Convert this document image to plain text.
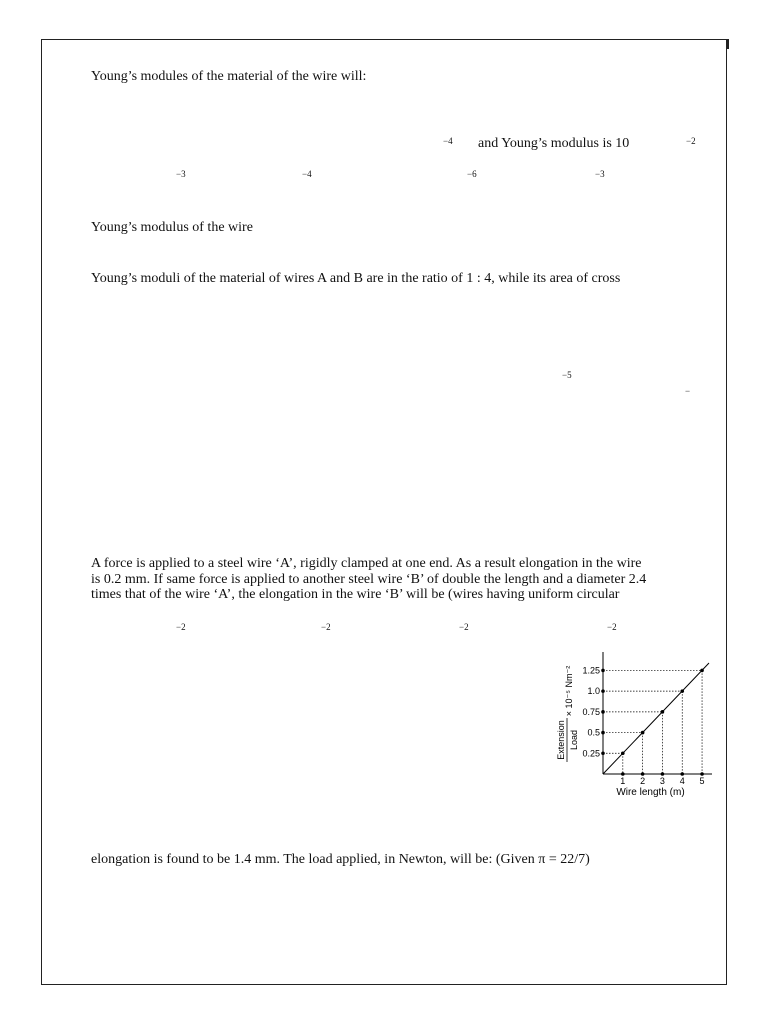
Young’s modules of the material of the wire will:
−4 and Young’s modulus is 10	−2
−3	−4	−6	−3
Young’s modulus of the wire
Young’s moduli of the material of wires A and B are in the ratio of 1 : 4, while its area of cross
−5
−
A force is applied to a steel wire ‘A’, rigidly clamped at one end. As a result elongation in the wire
is 0.2 mm. If same force is applied to another steel wire ‘B’ of double the length and a diameter 2.4
times that of the wire ‘A’, the elongation in the wire ‘B’ will be (wires having uniform circular
−2	−2	−2	−2
1 2 3 4 5
0.25
0.5
0.75
1.0
1.25
Wire length (m)
Extension Load
× 10⁻⁵ Nm⁻²
elongation is found to be 1.4 mm. The load applied, in Newton, will be: (Given π = 22/7)
